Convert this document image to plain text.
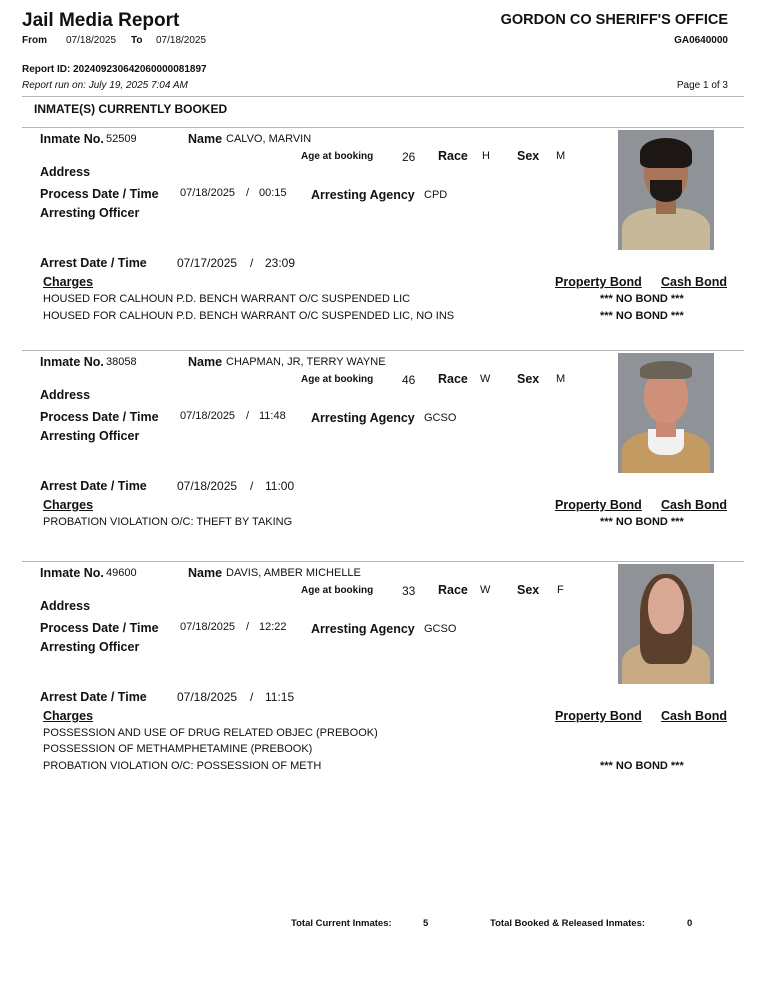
Jail Media Report
From 07/18/2025 To 07/18/2025
GORDON CO SHERIFF'S OFFICE
GA0640000
Report ID: 202409230642060000081897
Report run on: July 19, 2025 7:04 AM	Page 1 of 3
INMATE(S) CURRENTLY BOOKED
Inmate No. 52509	Name CALVO, MARVIN
Age at booking 26 Race H Sex M
Address
Process Date / Time 07/18/2025 / 00:15 Arresting Agency CPD
Arresting Officer
Arrest Date / Time	07/17/2025 / 23:09
Charges	Property Bond Cash Bond
HOUSED FOR CALHOUN P.D. BENCH WARRANT O/C SUSPENDED LIC	*** NO BOND ***
HOUSED FOR CALHOUN P.D. BENCH WARRANT O/C SUSPENDED LIC, NO INS	*** NO BOND ***
Inmate No. 38058	Name CHAPMAN, JR, TERRY WAYNE
Age at booking 46 Race W Sex M
Address
Process Date / Time 07/18/2025 / 11:48 Arresting Agency GCSO
Arresting Officer
Arrest Date / Time	07/18/2025 / 11:00
Charges	Property Bond Cash Bond
PROBATION VIOLATION O/C: THEFT BY TAKING	*** NO BOND ***
Inmate No. 49600	Name DAVIS, AMBER MICHELLE
Age at booking 33 Race W Sex F
Address
Process Date / Time 07/18/2025 / 12:22 Arresting Agency GCSO
Arresting Officer
Arrest Date / Time	07/18/2025 / 11:15
Charges	Property Bond Cash Bond
POSSESSION AND USE OF DRUG RELATED OBJEC (PREBOOK)
POSSESSION OF METHAMPHETAMINE (PREBOOK)
PROBATION VIOLATION O/C: POSSESSION OF METH	*** NO BOND ***
Total Current Inmates:	5	Total Booked & Released Inmates:	0
